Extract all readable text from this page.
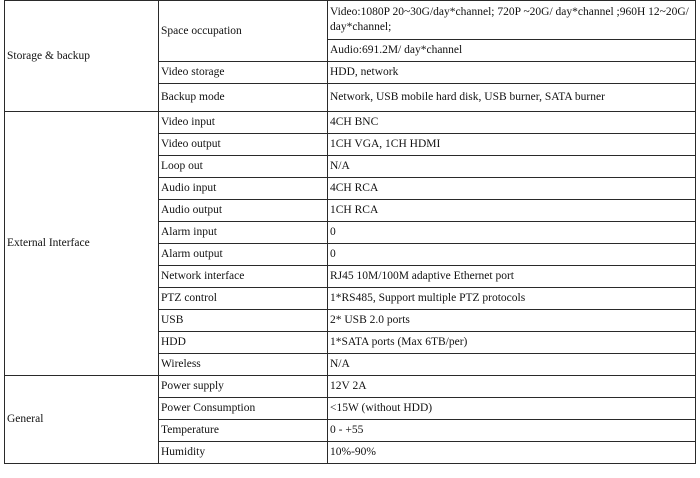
Storage & backup	Space occupation	Video:1080P 20~30G/day*channel; 720P ~20G/ day*channel ;960H 12~20G/ day*channel;
		Audio:691.2M/ day*channel
	Video storage	HDD, network
	Backup mode	Network, USB mobile hard disk, USB burner, SATA burner
External Interface	Video input	4CH BNC
	Video output	1CH VGA, 1CH HDMI
	Loop out	N/A
	Audio input	4CH RCA
	Audio output	1CH RCA
	Alarm input	0
	Alarm output	0
	Network interface	RJ45 10M/100M adaptive Ethernet port
	PTZ control	1*RS485, Support multiple PTZ protocols
	USB	2* USB 2.0 ports
	HDD	1*SATA ports (Max 6TB/per)
	Wireless	N/A
General	Power supply	12V 2A
	Power Consumption	<15W (without HDD)
	Temperature	0 - +55
	Humidity	10%-90%
